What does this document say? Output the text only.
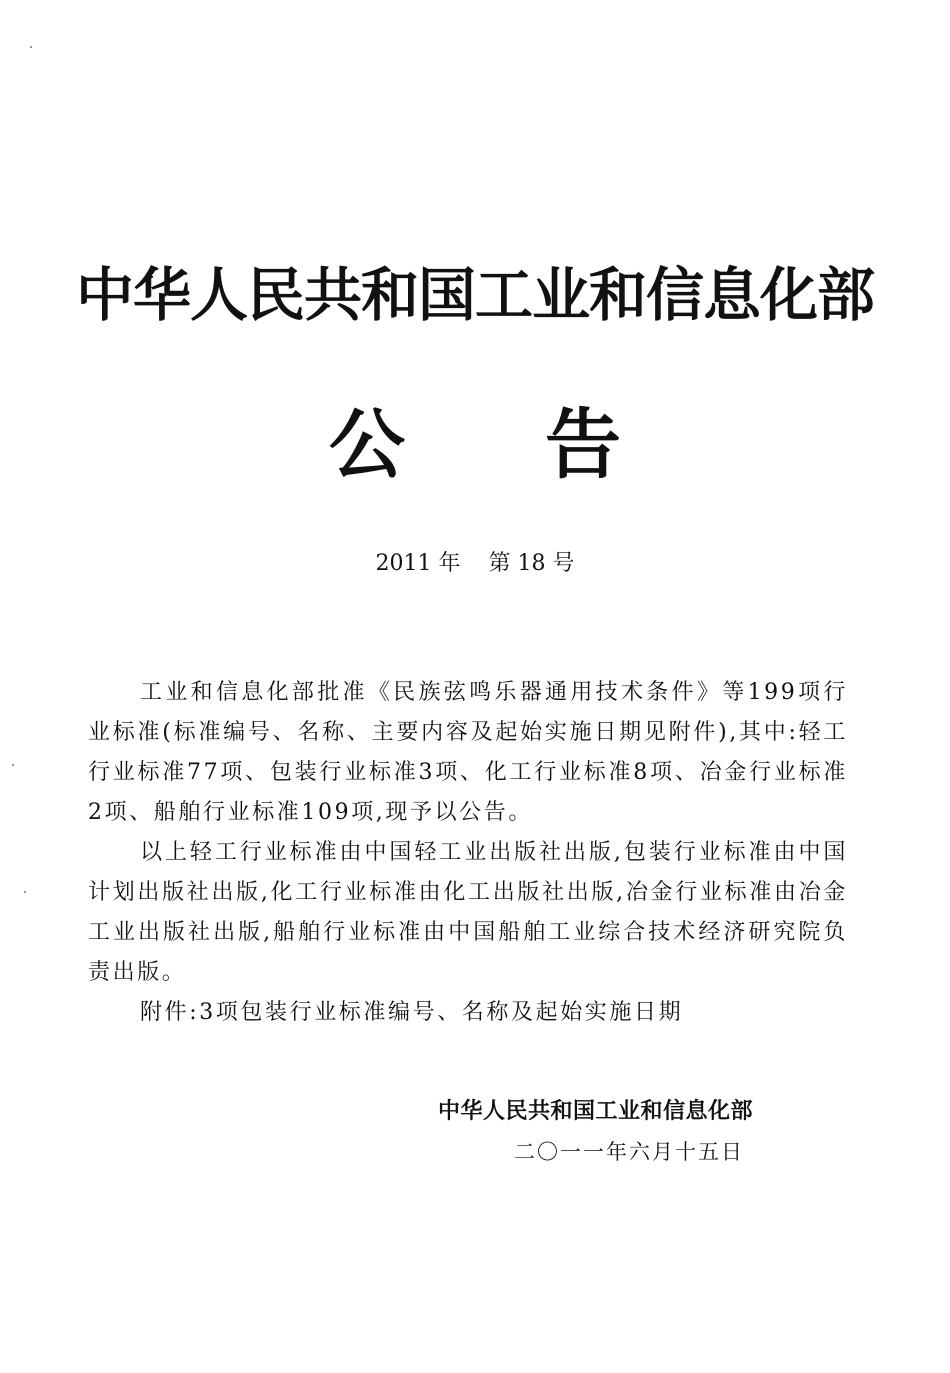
中华人民共和国工业和信息化部
公 告
2011 年 第 18 号

工业和信息化部批准《民族弦鸣乐器通用技术条件》等199项行业标准(标准编号、名称、主要内容及起始实施日期见附件),其中:轻工行业标准77项、包装行业标准3项、化工行业标准8项、冶金行业标准2项、船舶行业标准109项,现予以公告。

以上轻工行业标准由中国轻工业出版社出版,包装行业标准由中国计划出版社出版,化工行业标准由化工出版社出版,冶金行业标准由冶金工业出版社出版,船舶行业标准由中国船舶工业综合技术经济研究院负责出版。

附件:3项包装行业标准编号、名称及起始实施日期

中华人民共和国工业和信息化部
二〇一一年六月十五日
